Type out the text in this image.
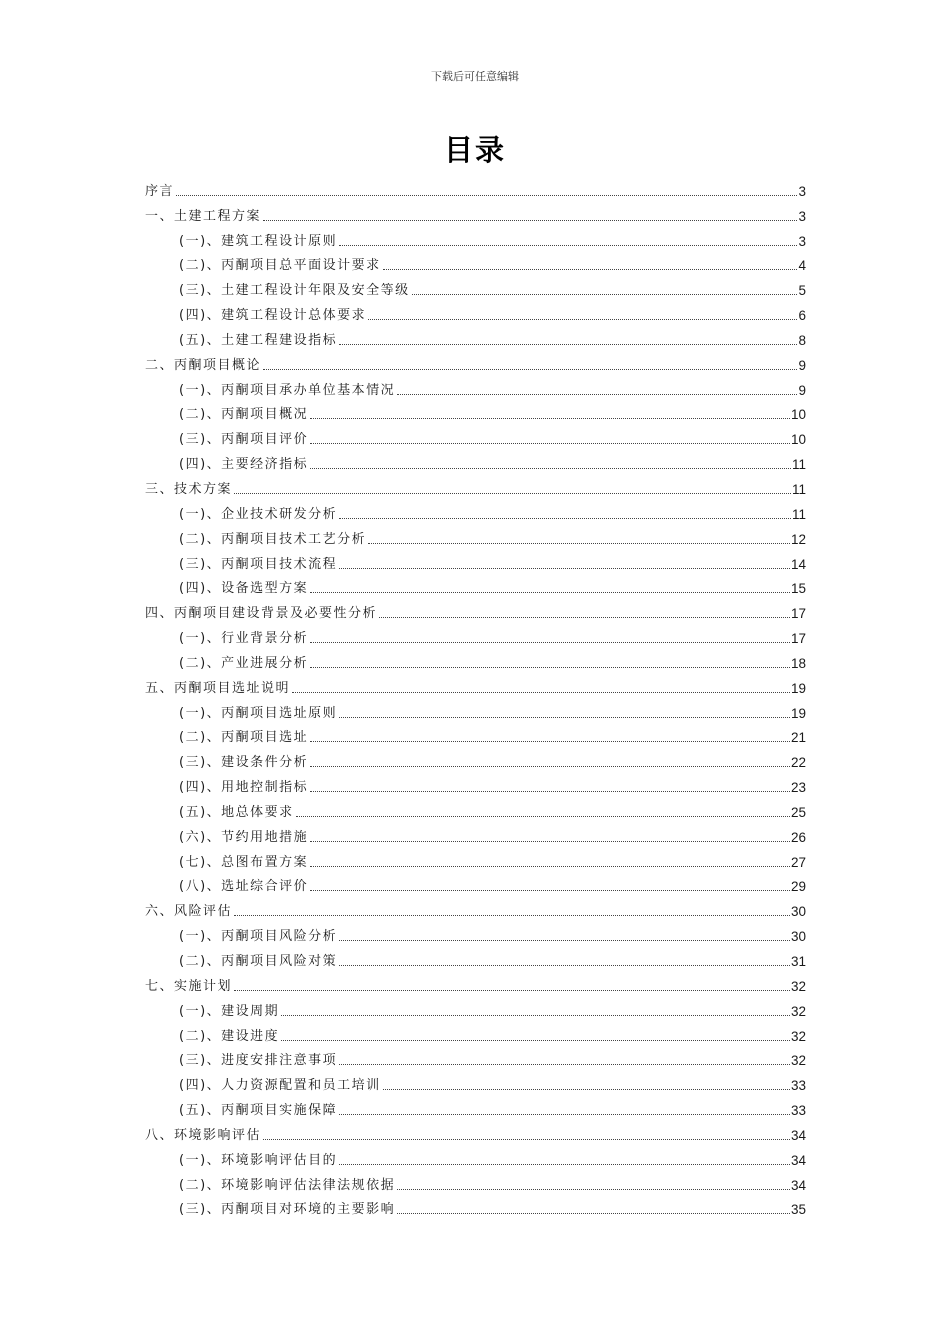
下载后可任意编辑
目录
序言	3
一、土建工程方案	3
(一)、建筑工程设计原则	3
(二)、丙酮项目总平面设计要求	4
(三)、土建工程设计年限及安全等级	5
(四)、建筑工程设计总体要求	6
(五)、土建工程建设指标	8
二、丙酮项目概论	9
(一)、丙酮项目承办单位基本情况	9
(二)、丙酮项目概况	10
(三)、丙酮项目评价	10
(四)、主要经济指标	11
三、技术方案	11
(一)、企业技术研发分析	11
(二)、丙酮项目技术工艺分析	12
(三)、丙酮项目技术流程	14
(四)、设备选型方案	15
四、丙酮项目建设背景及必要性分析	17
(一)、行业背景分析	17
(二)、产业进展分析	18
五、丙酮项目选址说明	19
(一)、丙酮项目选址原则	19
(二)、丙酮项目选址	21
(三)、建设条件分析	22
(四)、用地控制指标	23
(五)、地总体要求	25
(六)、节约用地措施	26
(七)、总图布置方案	27
(八)、选址综合评价	29
六、风险评估	30
(一)、丙酮项目风险分析	30
(二)、丙酮项目风险对策	31
七、实施计划	32
(一)、建设周期	32
(二)、建设进度	32
(三)、进度安排注意事项	32
(四)、人力资源配置和员工培训	33
(五)、丙酮项目实施保障	33
八、环境影响评估	34
(一)、环境影响评估目的	34
(二)、环境影响评估法律法规依据	34
(三)、丙酮项目对环境的主要影响	35
